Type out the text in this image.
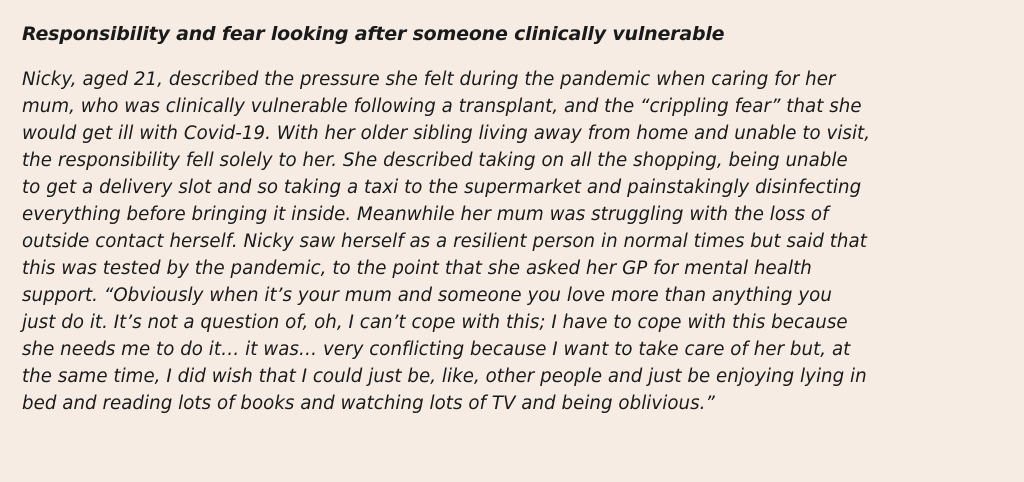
Responsibility and fear looking after someone clinically vulnerable
Nicky, aged 21, described the pressure she felt during the pandemic when caring for her
mum, who was clinically vulnerable following a transplant, and the “crippling fear” that she
would get ill with Covid-19. With her older sibling living away from home and unable to visit,
the responsibility fell solely to her. She described taking on all the shopping, being unable
to get a delivery slot and so taking a taxi to the supermarket and painstakingly disinfecting
everything before bringing it inside. Meanwhile her mum was struggling with the loss of
outside contact herself. Nicky saw herself as a resilient person in normal times but said that
this was tested by the pandemic, to the point that she asked her GP for mental health
support. “Obviously when it’s your mum and someone you love more than anything you
just do it. It’s not a question of, oh, I can’t cope with this; I have to cope with this because
she needs me to do it… it was… very conflicting because I want to take care of her but, at
the same time, I did wish that I could just be, like, other people and just be enjoying lying in
bed and reading lots of books and watching lots of TV and being oblivious.”
